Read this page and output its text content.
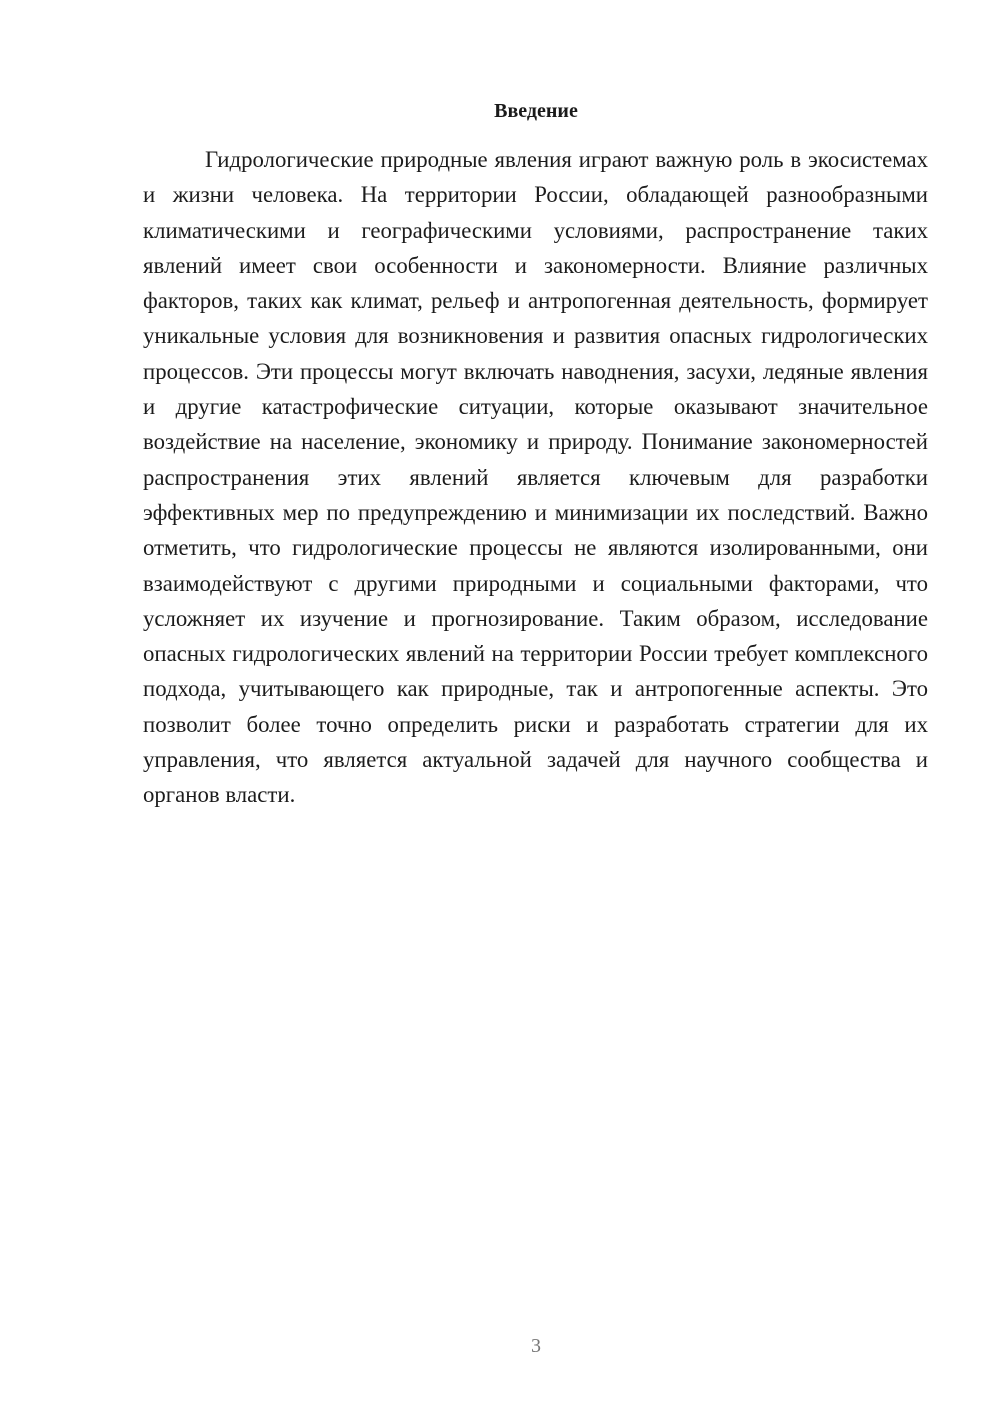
Введение

Гидрологические природные явления играют важную роль в экосистемах и жизни человека. На территории России, обладающей разнообразными климатическими и географическими условиями, распространение таких явлений имеет свои особенности и закономерности. Влияние различных факторов, таких как климат, рельеф и антропогенная деятельность, формирует уникальные условия для возникновения и развития опасных гидрологических процессов. Эти процессы могут включать наводнения, засухи, ледяные явления и другие катастрофические ситуации, которые оказывают значительное воздействие на население, экономику и природу. Понимание закономерностей распространения этих явлений является ключевым для разработки эффективных мер по предупреждению и минимизации их последствий. Важно отметить, что гидрологические процессы не являются изолированными, они взаимодействуют с другими природными и социальными факторами, что усложняет их изучение и прогнозирование. Таким образом, исследование опасных гидрологических явлений на территории России требует комплексного подхода, учитывающего как природные, так и антропогенные аспекты. Это позволит более точно определить риски и разработать стратегии для их управления, что является актуальной задачей для научного сообщества и органов власти.

3
